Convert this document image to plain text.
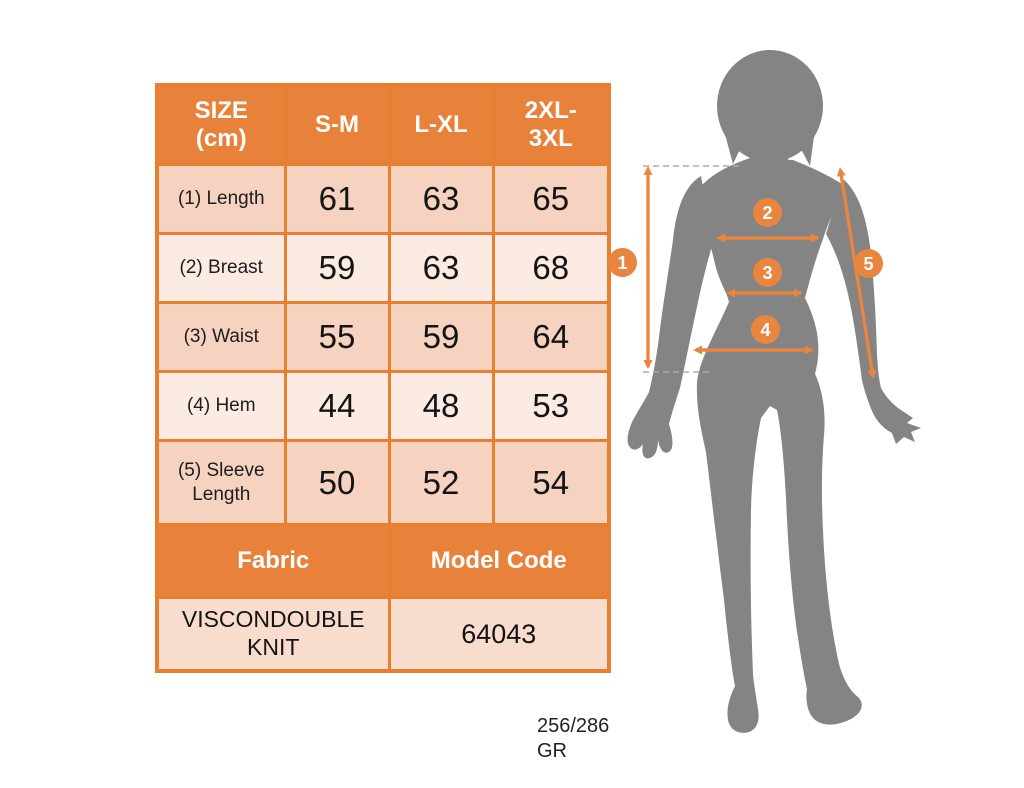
SIZE (cm)	S-M	L-XL	2XL-3XL
(1) Length	61	63	65
(2) Breast	59	63	68
(3) Waist	55	59	64
(4) Hem	44	48	53
(5) Sleeve Length	50	52	54
Fabric		Model Code	
VISCONDOUBLE KNIT		64043	
256/286
GR
1
2
3
4
5
